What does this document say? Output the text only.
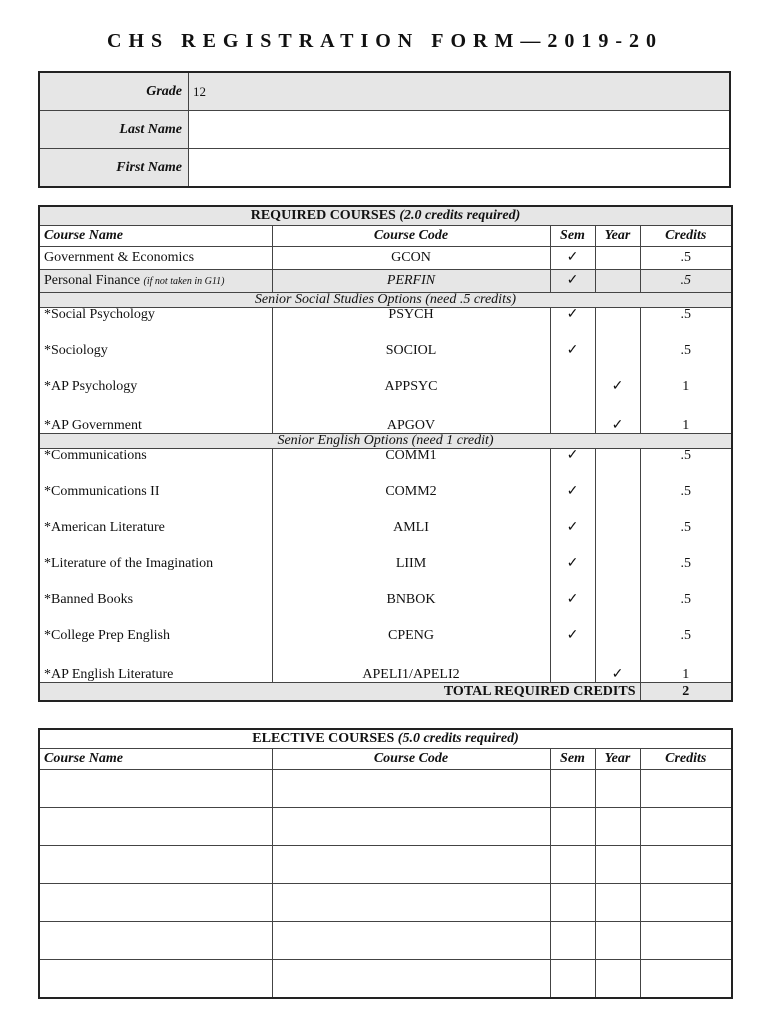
CHS REGISTRATION FORM—2019-20
Grade	12
Last Name	
First Name	
REQUIRED COURSES (2.0 credits required)				
Course Name	Course Code	Sem	Year	Credits
Government & Economics	GCON	✓		.5
Personal Finance (if not taken in G11)	PERFIN	✓		.5
Senior Social Studies Options (need .5 credits)				
*Social Psychology	PSYCH	✓		.5
*Sociology	SOCIOL	✓		.5
*AP Psychology	APPSYC		✓	1
*AP Government	APGOV		✓	1
Senior English Options (need 1 credit)				
*Communications	COMM1	✓		.5
*Communications II	COMM2	✓		.5
*American Literature	AMLI	✓		.5
*Literature of the Imagination	LIIM	✓		.5
*Banned Books	BNBOK	✓		.5
*College Prep English	CPENG	✓		.5
*AP English Literature	APELI1/APELI2		✓	1
TOTAL REQUIRED CREDITS				2
ELECTIVE COURSES (5.0 credits required)				
Course Name	Course Code	Sem	Year	Credits
